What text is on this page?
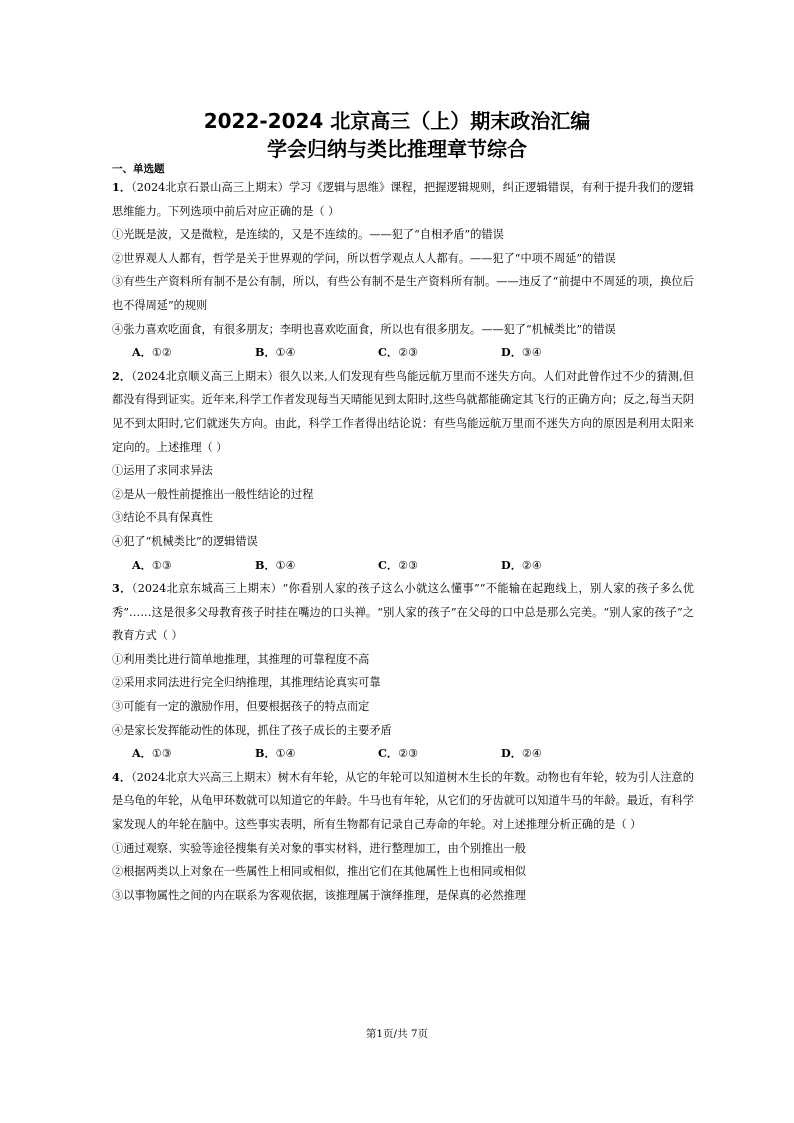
2022-2024 北京高三（上）期末政治汇编
学会归纳与类比推理章节综合
一、单选题

1．（2024北京石景山高三上期末）学习《逻辑与思维》课程，把握逻辑规则，纠正逻辑错误，有利于提升我们的逻辑思维能力。下列选项中前后对应正确的是（ ）

①光既是波，又是微粒，是连续的，又是不连续的。——犯了“自相矛盾”的错误

②世界观人人都有，哲学是关于世界观的学问，所以哲学观点人人都有。——犯了“中项不周延”的错误

③有些生产资料所有制不是公有制，所以，有些公有制不是生产资料所有制。——违反了“前提中不周延的项，换位后也不得周延”的规则

④张力喜欢吃面食，有很多朋友；李明也喜欢吃面食，所以也有很多朋友。——犯了“机械类比”的错误

A．①②	B．①④	C．②③	D．③④

2．（2024北京顺义高三上期末）很久以来,人们发现有些鸟能远航万里而不迷失方向。人们对此曾作过不少的猜测,但都没有得到证实。近年来,科学工作者发现每当天晴能见到太阳时,这些鸟就都能确定其飞行的正确方向；反之,每当天阴见不到太阳时,它们就迷失方向。由此，科学工作者得出结论说：有些鸟能远航万里而不迷失方向的原因是利用太阳来定向的。上述推理（ ）

①运用了求同求异法

②是从一般性前提推出一般性结论的过程

③结论不具有保真性

④犯了“机械类比”的逻辑错误

A．①③	B．①④	C．②③	D．②④

3．（2024北京东城高三上期末）“你看别人家的孩子这么小就这么懂事”“不能输在起跑线上，别人家的孩子多么优秀”……这是很多父母教育孩子时挂在嘴边的口头禅。“别人家的孩子”在父母的口中总是那么完美。“别人家的孩子”之教育方式（ ）

①利用类比进行简单地推理，其推理的可靠程度不高

②采用求同法进行完全归纳推理，其推理结论真实可靠

③可能有一定的激励作用，但要根据孩子的特点而定

④是家长发挥能动性的体现，抓住了孩子成长的主要矛盾

A．①③	B．①④	C．②③	D．②④

4．（2024北京大兴高三上期末）树木有年轮，从它的年轮可以知道树木生长的年数。动物也有年轮，较为引人注意的是乌龟的年轮，从龟甲环数就可以知道它的年龄。牛马也有年轮，从它们的牙齿就可以知道牛马的年龄。最近，有科学家发现人的年轮在脑中。这些事实表明，所有生物都有记录自己寿命的年轮。对上述推理分析正确的是（ ）

①通过观察、实验等途径搜集有关对象的事实材料，进行整理加工，由个别推出一般

②根据两类以上对象在一些属性上相同或相似，推出它们在其他属性上也相同或相似

③以事物属性之间的内在联系为客观依据，该推理属于演绎推理，是保真的必然推理

第1页/共 7页
